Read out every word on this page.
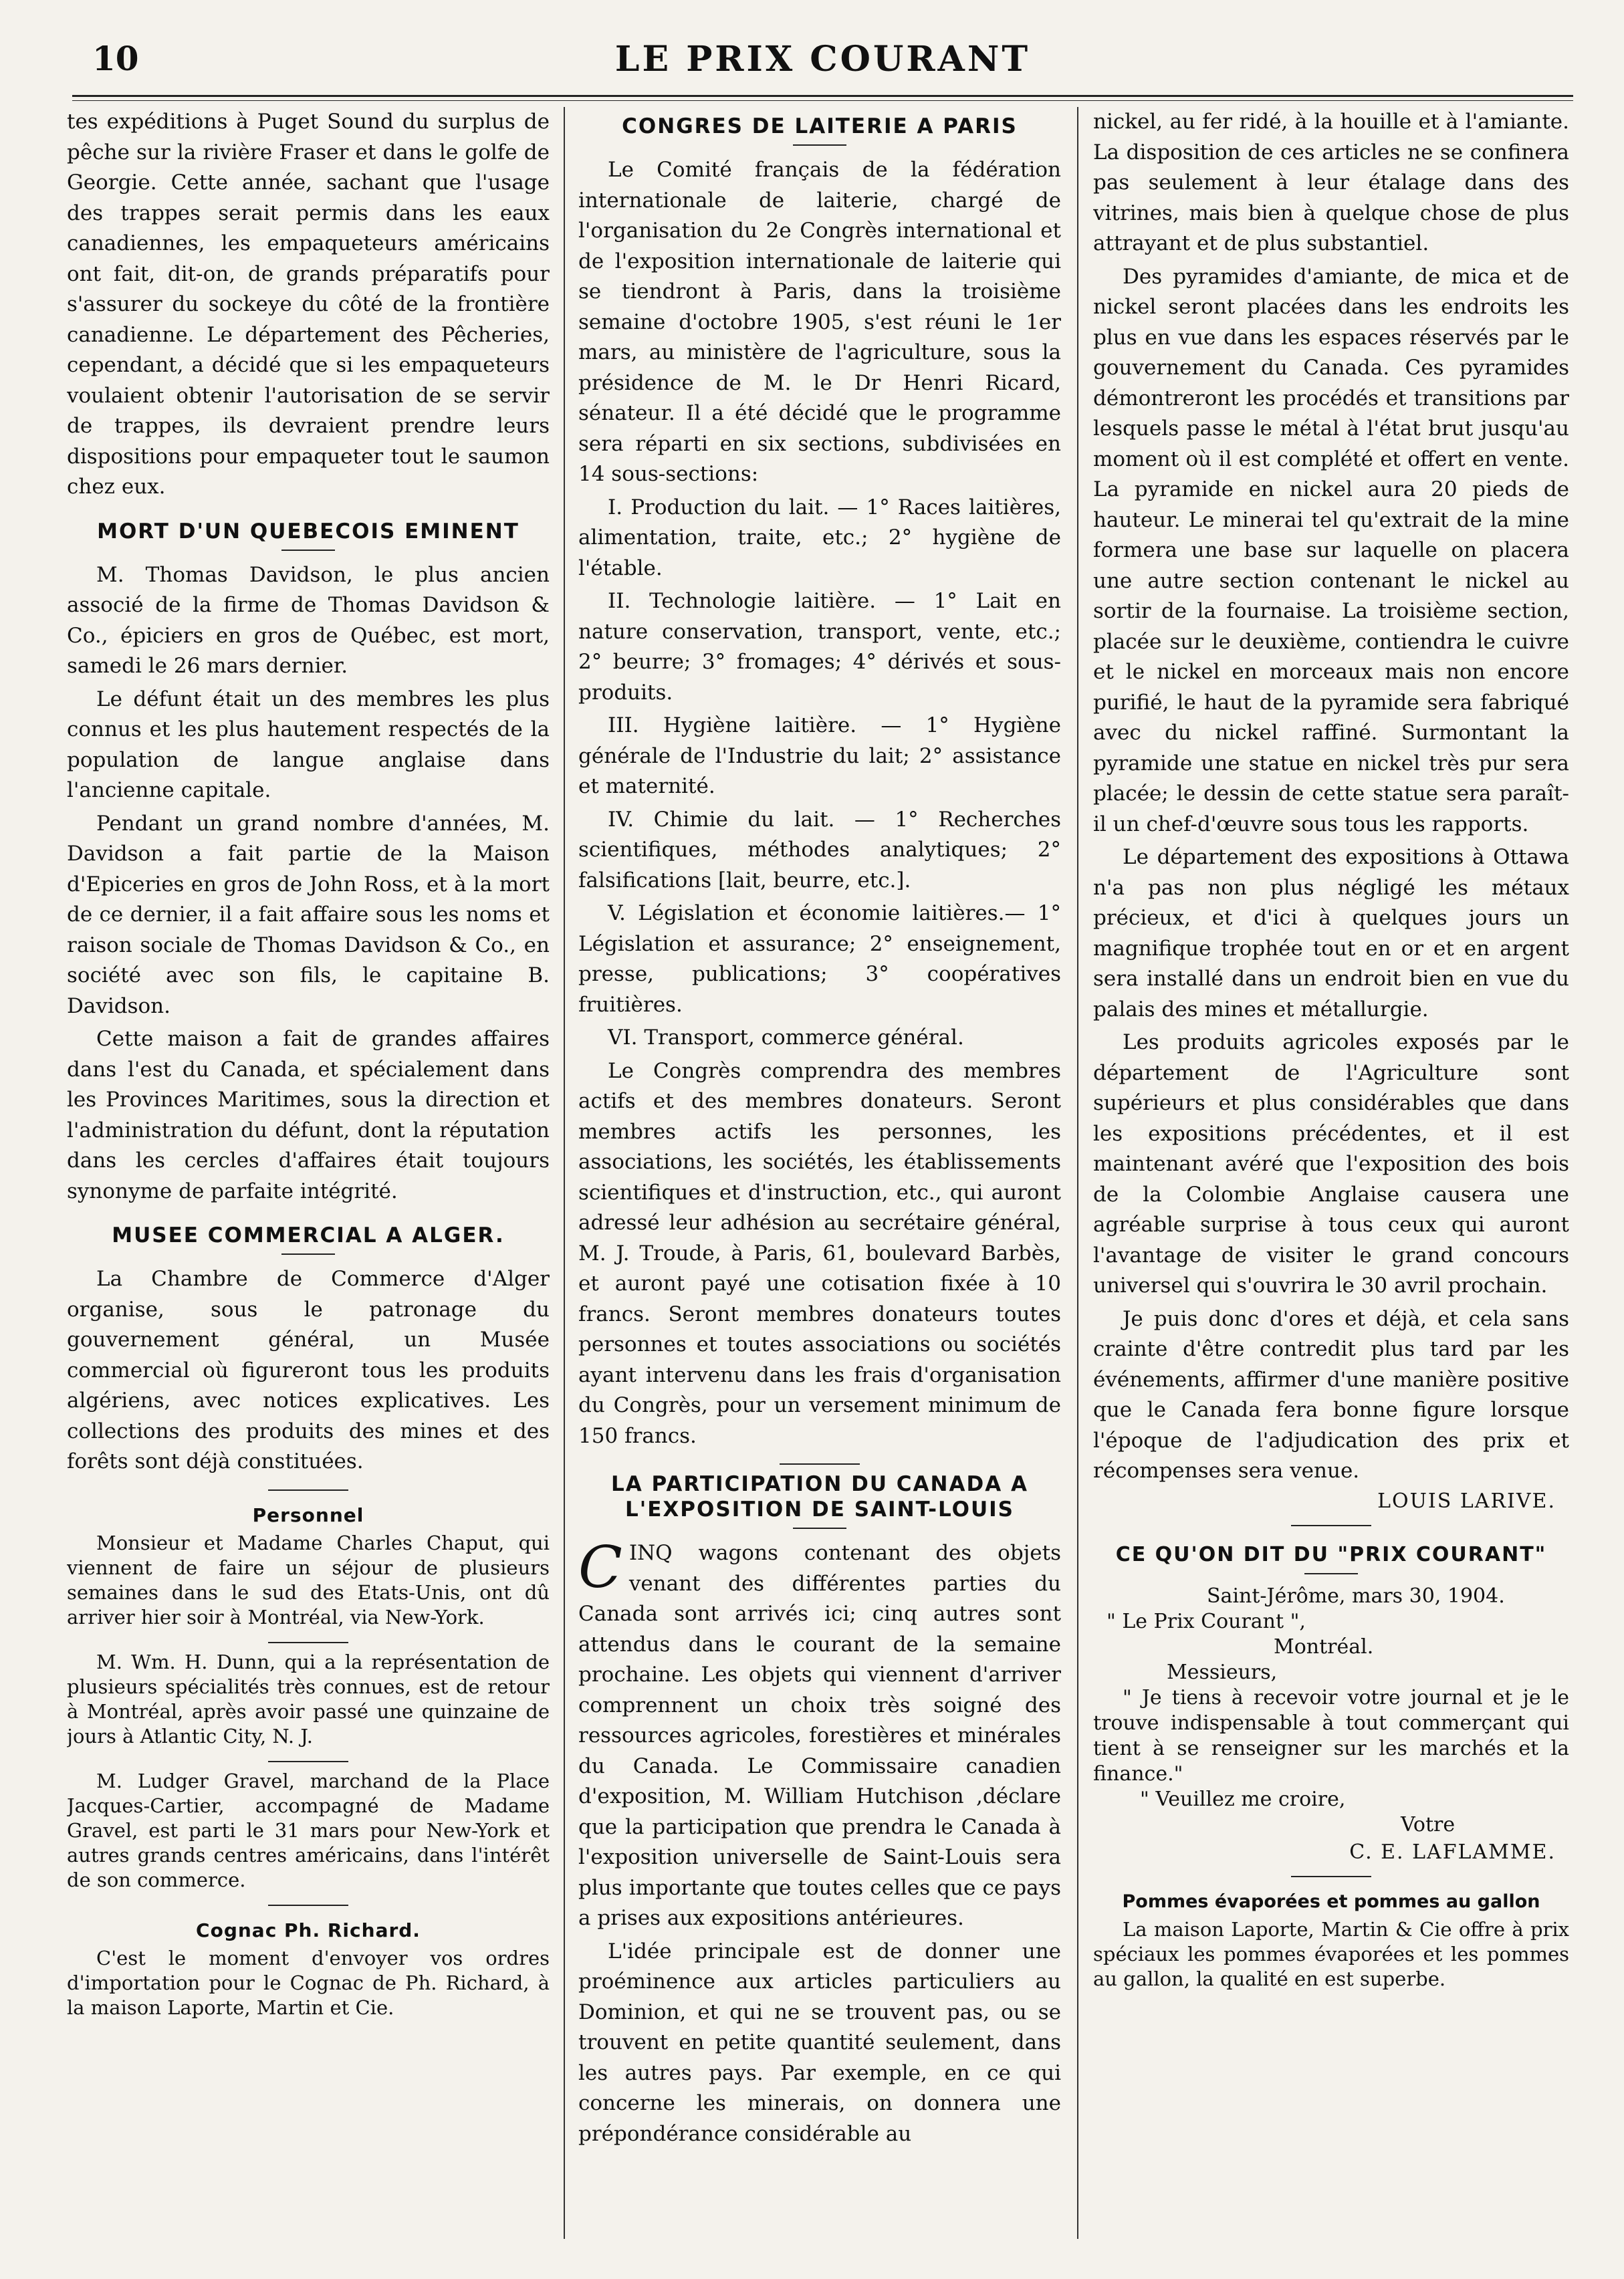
10	LE PRIX COURANT

tes expéditions à Puget Sound du surplus de pêche sur la rivière Fraser et dans le golfe de Georgie. Cette année, sachant que l'usage des trappes serait permis dans les eaux canadiennes, les empaqueteurs américains ont fait, dit-on, de grands préparatifs pour s'assurer du sockeye du côté de la frontière canadienne. Le département des Pêcheries, cependant, a décidé que si les empaqueteurs voulaient obtenir l'autorisation de se servir de trappes, ils devraient prendre leurs dispositions pour empaqueter tout le saumon chez eux.

MORT D'UN QUEBECOIS EMINENT

M. Thomas Davidson, le plus ancien associé de la firme de Thomas Davidson & Co., épiciers en gros de Québec, est mort, samedi le 26 mars dernier.

Le défunt était un des membres les plus connus et les plus hautement respectés de la population de langue anglaise dans l'ancienne capitale.

Pendant un grand nombre d'années, M. Davidson a fait partie de la Maison d'Epiceries en gros de John Ross, et à la mort de ce dernier, il a fait affaire sous les noms et raison sociale de Thomas Davidson & Co., en société avec son fils, le capitaine B. Davidson.

Cette maison a fait de grandes affaires dans l'est du Canada, et spécialement dans les Provinces Maritimes, sous la direction et l'administration du défunt, dont la réputation dans les cercles d'affaires était toujours synonyme de parfaite intégrité.

MUSEE COMMERCIAL A ALGER.

La Chambre de Commerce d'Alger organise, sous le patronage du gouvernement général, un Musée commercial où figureront tous les produits algériens, avec notices explicatives. Les collections des produits des mines et des forêts sont déjà constituées.

Personnel

Monsieur et Madame Charles Chaput, qui viennent de faire un séjour de plusieurs semaines dans le sud des Etats-Unis, ont dû arriver hier soir à Montréal, via New-York.

M. Wm. H. Dunn, qui a la représentation de plusieurs spécialités très connues, est de retour à Montréal, après avoir passé une quinzaine de jours à Atlantic City, N. J.

M. Ludger Gravel, marchand de la Place Jacques-Cartier, accompagné de Madame Gravel, est parti le 31 mars pour New-York et autres grands centres américains, dans l'intérêt de son commerce.

Cognac Ph. Richard.

C'est le moment d'envoyer vos ordres d'importation pour le Cognac de Ph. Richard, à la maison Laporte, Martin et Cie.

CONGRES DE LAITERIE A PARIS

Le Comité français de la fédération internationale de laiterie, chargé de l'organisation du 2e Congrès international et de l'exposition internationale de laiterie qui se tiendront à Paris, dans la troisième semaine d'octobre 1905, s'est réuni le 1er mars, au ministère de l'agriculture, sous la présidence de M. le Dr Henri Ricard, sénateur. Il a été décidé que le programme sera réparti en six sections, subdivisées en 14 sous-sections:

I. Production du lait. — 1° Races laitières, alimentation, traite, etc.; 2° hygiène de l'étable.

II. Technologie laitière. — 1° Lait en nature conservation, transport, vente, etc.; 2° beurre; 3° fromages; 4° dérivés et sous-produits.

III. Hygiène laitière. — 1° Hygiène générale de l'Industrie du lait; 2° assistance et maternité.

IV. Chimie du lait. — 1° Recherches scientifiques, méthodes analytiques; 2° falsifications [lait, beurre, etc.].

V. Législation et économie laitières.— 1° Législation et assurance; 2° enseignement, presse, publications; 3° coopératives fruitières.

VI. Transport, commerce général.

Le Congrès comprendra des membres actifs et des membres donateurs. Seront membres actifs les personnes, les associations, les sociétés, les établissements scientifiques et d'instruction, etc., qui auront adressé leur adhésion au secrétaire général, M. J. Troude, à Paris, 61, boulevard Barbès, et auront payé une cotisation fixée à 10 francs. Seront membres donateurs toutes personnes et toutes associations ou sociétés ayant intervenu dans les frais d'organisation du Congrès, pour un versement minimum de 150 francs.

LA PARTICIPATION DU CANADA A
L'EXPOSITION DE SAINT-LOUIS

CINQ wagons contenant des objets venant des différentes parties du Canada sont arrivés ici; cinq autres sont attendus dans le courant de la semaine prochaine. Les objets qui viennent d'arriver comprennent un choix très soigné des ressources agricoles, forestières et minérales du Canada. Le Commissaire canadien d'exposition, M. William Hutchison ,déclare que la participation que prendra le Canada à l'exposition universelle de Saint-Louis sera plus importante que toutes celles que ce pays a prises aux expositions antérieures.

L'idée principale est de donner une proéminence aux articles particuliers au Dominion, et qui ne se trouvent pas, ou se trouvent en petite quantité seulement, dans les autres pays. Par exemple, en ce qui concerne les minerais, on donnera une prépondérance considérable au

nickel, au fer ridé, à la houille et à l'amiante. La disposition de ces articles ne se confinera pas seulement à leur étalage dans des vitrines, mais bien à quelque chose de plus attrayant et de plus substantiel.

Des pyramides d'amiante, de mica et de nickel seront placées dans les endroits les plus en vue dans les espaces réservés par le gouvernement du Canada. Ces pyramides démontreront les procédés et transitions par lesquels passe le métal à l'état brut jusqu'au moment où il est complété et offert en vente. La pyramide en nickel aura 20 pieds de hauteur. Le minerai tel qu'extrait de la mine formera une base sur laquelle on placera une autre section contenant le nickel au sortir de la fournaise. La troisième section, placée sur le deuxième, contiendra le cuivre et le nickel en morceaux mais non encore purifié, le haut de la pyramide sera fabriqué avec du nickel raffiné. Surmontant la pyramide une statue en nickel très pur sera placée; le dessin de cette statue sera paraît-il un chef-d'œuvre sous tous les rapports.

Le département des expositions à Ottawa n'a pas non plus négligé les métaux précieux, et d'ici à quelques jours un magnifique trophée tout en or et en argent sera installé dans un endroit bien en vue du palais des mines et métallurgie.

Les produits agricoles exposés par le département de l'Agriculture sont supérieurs et plus considérables que dans les expositions précédentes, et il est maintenant avéré que l'exposition des bois de la Colombie Anglaise causera une agréable surprise à tous ceux qui auront l'avantage de visiter le grand concours universel qui s'ouvrira le 30 avril prochain.

Je puis donc d'ores et déjà, et cela sans crainte d'être contredit plus tard par les événements, affirmer d'une manière positive que le Canada fera bonne figure lorsque l'époque de l'adjudication des prix et récompenses sera venue.

LOUIS LARIVE.
CE QU'ON DIT DU "PRIX COURANT"

Saint-Jérôme, mars 30, 1904.

" Le Prix Courant ",

Montréal.

Messieurs,

" Je tiens à recevoir votre journal et je le trouve indispensable à tout commerçant qui tient à se renseigner sur les marchés et la finance."

" Veuillez me croire,

Votre

C. E. LAFLAMME.
Pommes évaporées et pommes au gallon

La maison Laporte, Martin & Cie offre à prix spéciaux les pommes évaporées et les pommes au gallon, la qualité en est superbe.
